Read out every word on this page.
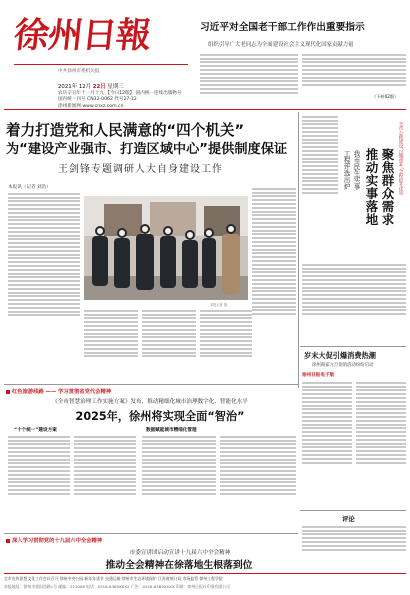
徐州日報
中共徐州市委机关报
2021年 12月 22日 星期三
农历辛丑年十一月十九 【今日12版】 国内统一连续出版物号
国内统一刊号 CN32-0062 代号27-12
徐州新闻网 www.cnxz.com.cn
习近平对全国老干部工作作出重要指示
组织引导广大老同志为全面建设社会主义现代化国家贡献力量
（下转02版）
着力打造党和人民满意的“四个机关”
为“建设产业强市、打造区域中心”提供制度保证
王剑锋专题调研人大自身建设工作
本报讯（记者 刘浩）
本报记者 摄
全市公路建设“以城带乡”全程提升优质
聚焦群众需求
推动实事落地
我市民生实事
工程评选出炉
岁末大促引爆消费热潮
徐州商家元旦促销活动纷纷启动
徐州日报电子版
评论
红色旅游线路 —— 学习贯彻省党代会精神
《全市智慧治理工作实施方案》发布，推动精细化城市治理数字化、智能化水平
2025年，徐州将实现全面“智治”
“十个统一”建设方案	数据赋能城市精细化管理
深入学习贯彻党的十九届六中全会精神
市委宣讲团启动宣讲十九届六中全会精神
推动全会精神在徐落地生根落到位
全市宣传思想文化工作会议召开 徐州中央公园 新年年货节 交通运输 徐州市生态环境保护 江苏省统计局 市场监管 徐州工程学院
本报地址：徐州市建国西路1号 邮编：221006 电话：0516-8369XXXX 广告：0516-8369XXXX 印刷：徐州日报社印务有限公司
